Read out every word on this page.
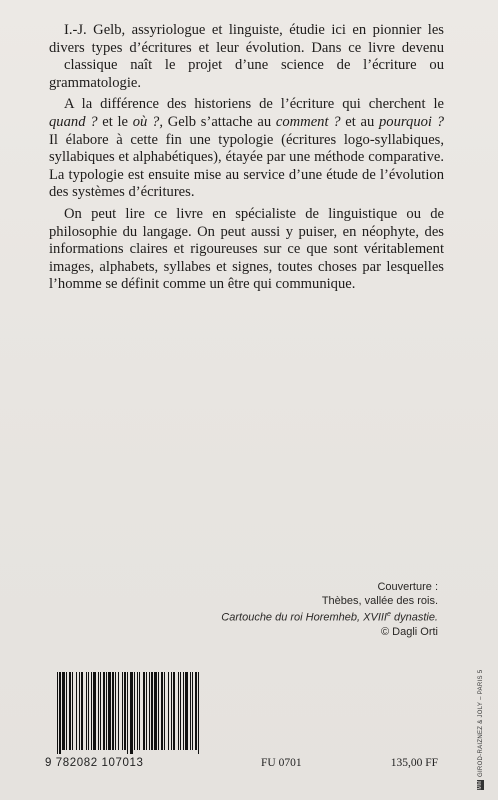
I.-J. Gelb, assyriologue et linguiste, étudie ici en pionnier les
divers types d’écritures et leur évolution. Dans ce livre devenu
classique naît le projet d’une science de l’écriture ou grammatologie.

A la différence des historiens de l’écriture qui cherchent le
quand ? et le où ?, Gelb s’attache au comment ? et au pourquoi ?
Il élabore à cette fin une typologie (écritures logo-syllabiques,
syllabiques et alphabétiques), étayée par une méthode comparative.
La typologie est ensuite mise au service d’une étude de l’évolution
des systèmes d’écritures.

On peut lire ce livre en spécialiste de linguistique ou de
philosophie du langage. On peut aussi y puiser, en néophyte, des
informations claires et rigoureuses sur ce que sont véritablement
images, alphabets, syllabes et signes, toutes choses par lesquelles
l’homme se définit comme un être qui communique.

Couverture :
Thèbes, vallée des rois.
Cartouche du roi Horemheb, XVIIIe dynastie.
© Dagli Orti
9 782082 107013	FU 0701	135,00 FF
MMGIROD-RAIZNEZ & JOLY – PARIS 5
